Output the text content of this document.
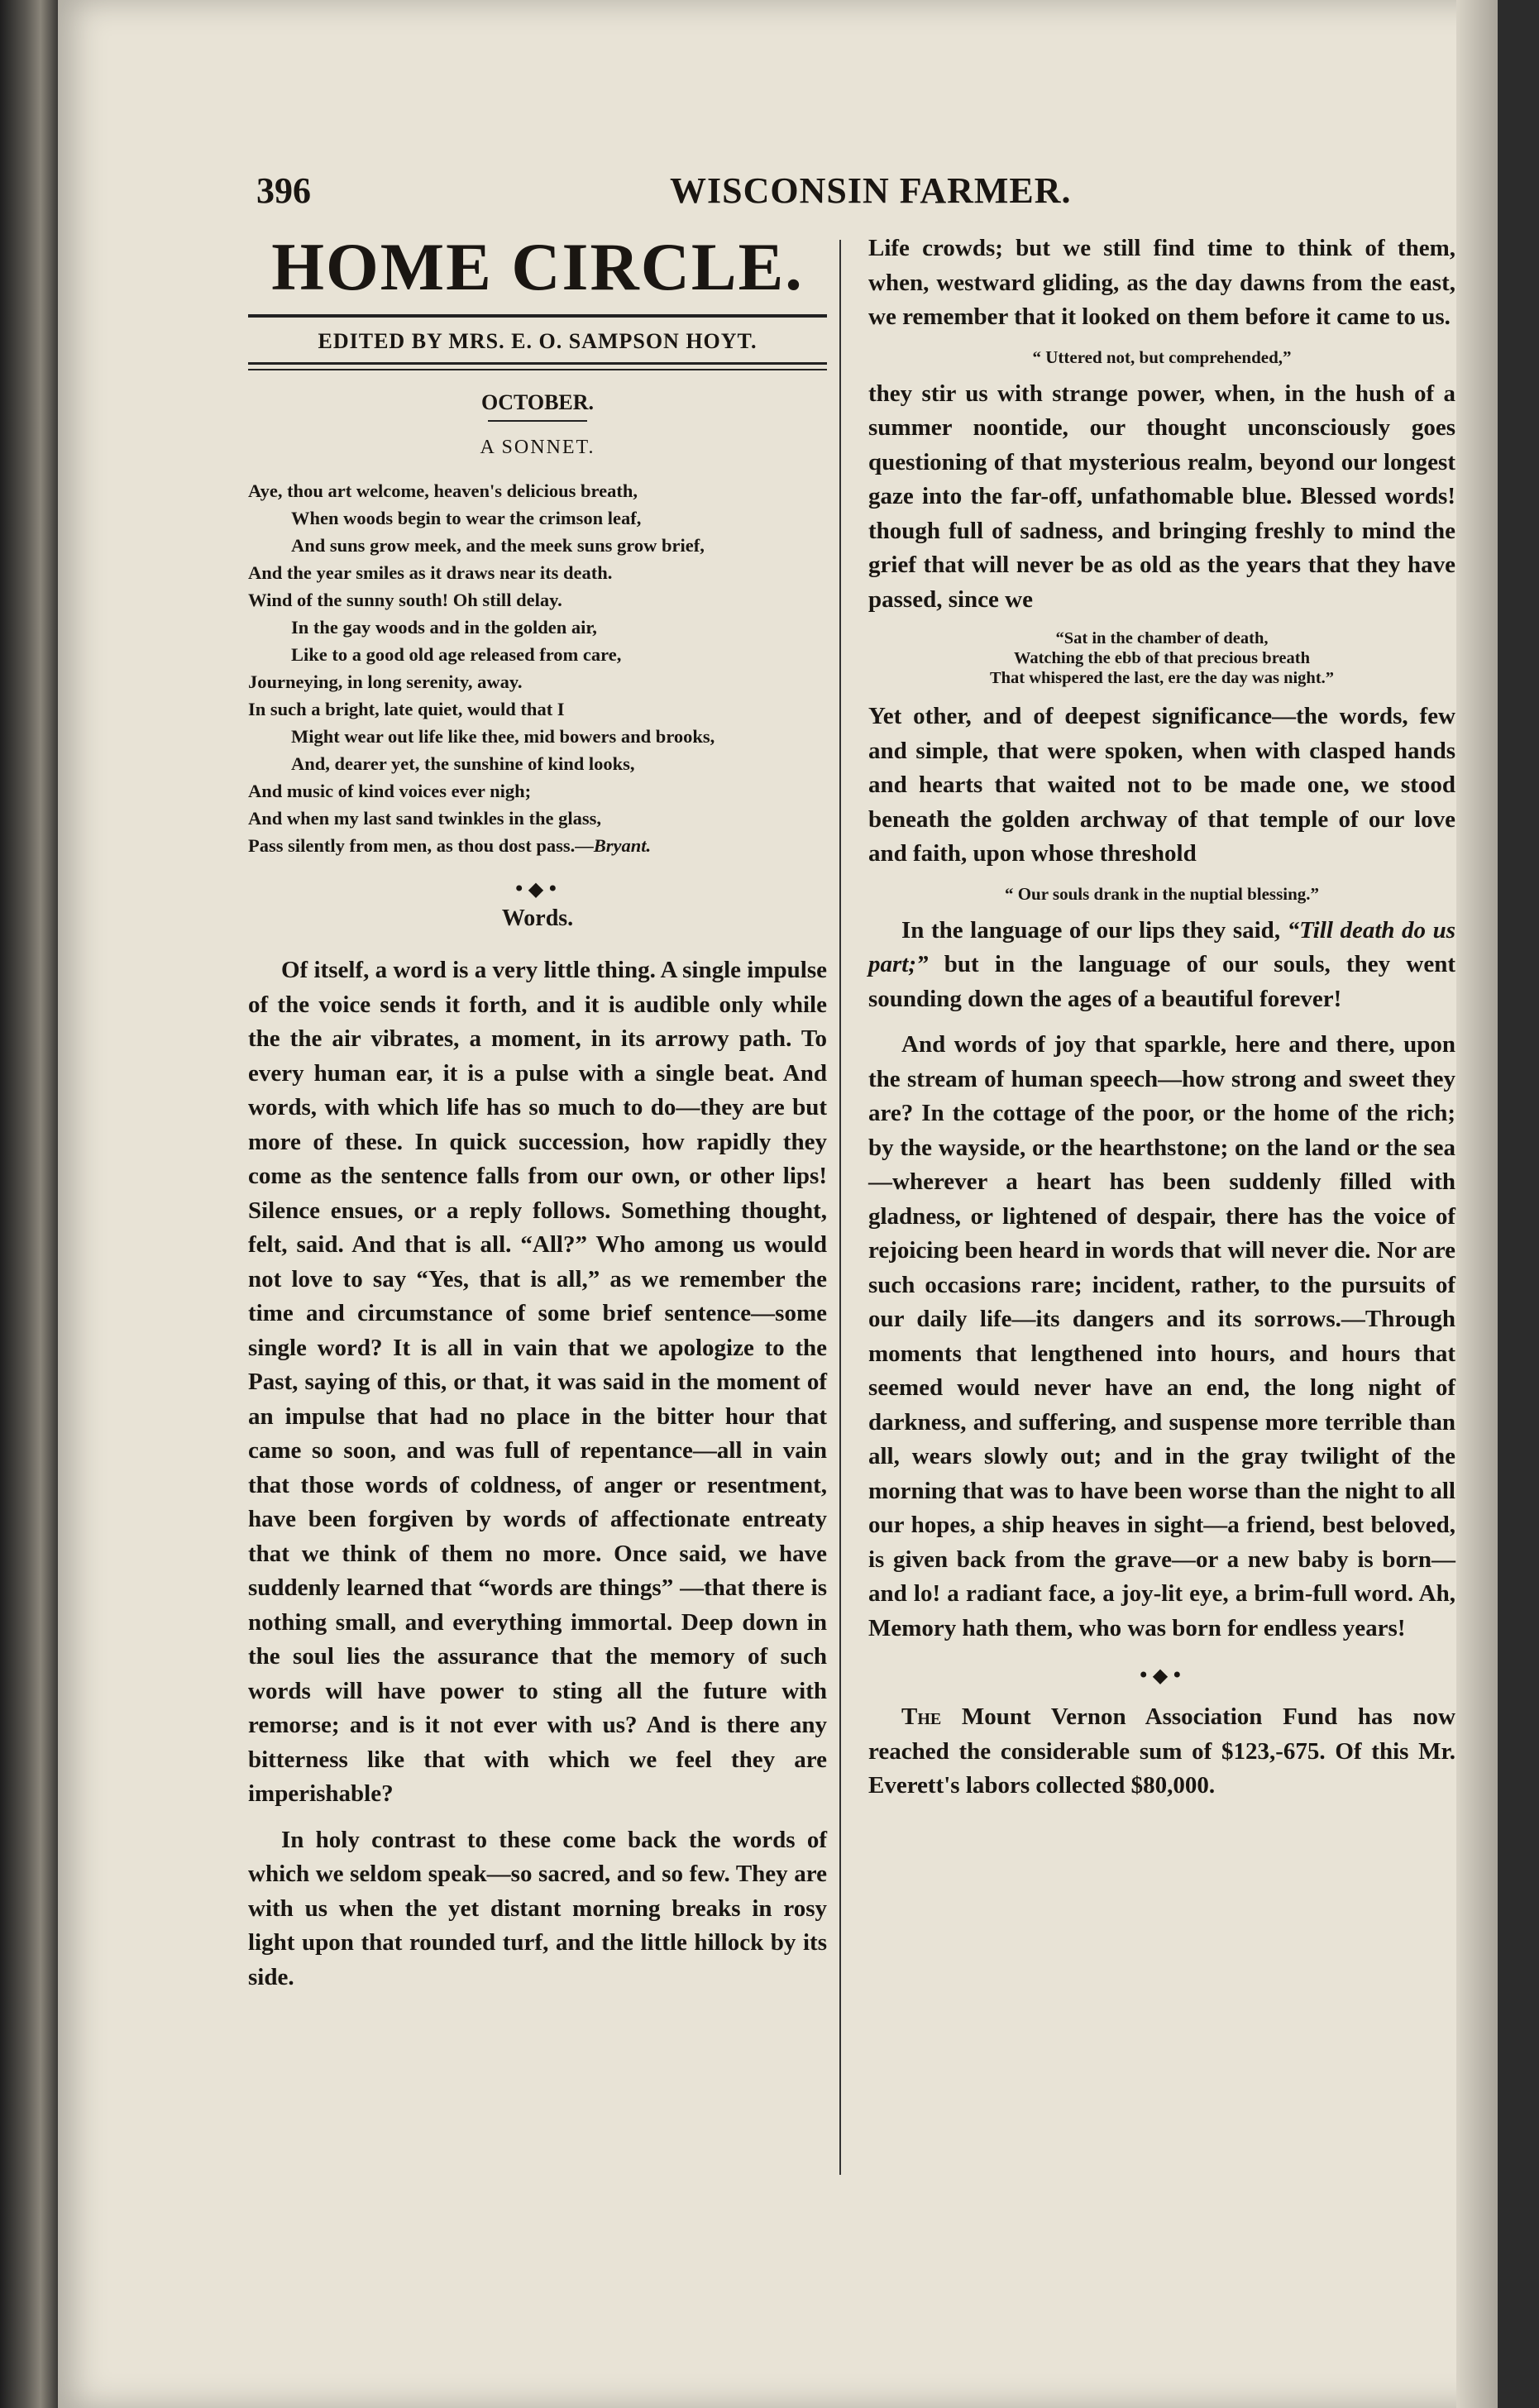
396	WISCONSIN FARMER.
HOME CIRCLE.
EDITED BY MRS. E. O. SAMPSON HOYT.
OCTOBER.
A SONNET.
Aye, thou art welcome, heaven's delicious breath,
When woods begin to wear the crimson leaf,
And suns grow meek, and the meek suns grow brief,
And the year smiles as it draws near its death.
Wind of the sunny south! Oh still delay.
In the gay woods and in the golden air,
Like to a good old age released from care,
Journeying, in long serenity, away.
In such a bright, late quiet, would that I
Might wear out life like thee, mid bowers and brooks,
And, dearer yet, the sunshine of kind looks,
And music of kind voices ever nigh;
And when my last sand twinkles in the glass,
Pass silently from men, as thou dost pass.—Bryant.
•◆•
Words.

Of itself, a word is a very little thing. A single impulse of the voice sends it forth, and it is audible only while the the air vibrates, a moment, in its arrowy path. To every human ear, it is a pulse with a single beat. And words, with which life has so much to do—they are but more of these. In quick succession, how rapidly they come as the sentence falls from our own, or other lips! Silence ensues, or a reply follows. Something thought, felt, said. And that is all. “All?” Who among us would not love to say “Yes, that is all,” as we remember the time and circumstance of some brief sentence—some single word? It is all in vain that we apologize to the Past, saying of this, or that, it was said in the moment of an impulse that had no place in the bitter hour that came so soon, and was full of repentance—all in vain that those words of coldness, of anger or resentment, have been forgiven by words of affectionate entreaty that we think of them no more. Once said, we have suddenly learned that “words are things” —that there is nothing small, and everything immortal. Deep down in the soul lies the assurance that the memory of such words will have power to sting all the future with remorse; and is it not ever with us? And is there any bitterness like that with which we feel they are imperishable?

In holy contrast to these come back the words of which we seldom speak—so sacred, and so few. They are with us when the yet distant morning breaks in rosy light upon that rounded turf, and the little hillock by its side.

Life crowds; but we still find time to think of them, when, westward gliding, as the day dawns from the east, we remember that it looked on them before it came to us.

“ Uttered not, but comprehended,”

they stir us with strange power, when, in the hush of a summer noontide, our thought unconsciously goes questioning of that mysterious realm, beyond our longest gaze into the far-off, unfathomable blue. Blessed words! though full of sadness, and bringing freshly to mind the grief that will never be as old as the years that they have passed, since we

“Sat in the chamber of death,
Watching the ebb of that precious breath
That whispered the last, ere the day was night.”

Yet other, and of deepest significance—the words, few and simple, that were spoken, when with clasped hands and hearts that waited not to be made one, we stood beneath the golden archway of that temple of our love and faith, upon whose threshold

“ Our souls drank in the nuptial blessing.”

In the language of our lips they said, “Till death do us part;” but in the language of our souls, they went sounding down the ages of a beautiful forever!

And words of joy that sparkle, here and there, upon the stream of human speech—how strong and sweet they are? In the cottage of the poor, or the home of the rich; by the wayside, or the hearthstone; on the land or the sea—wherever a heart has been suddenly filled with gladness, or lightened of despair, there has the voice of rejoicing been heard in words that will never die. Nor are such occasions rare; incident, rather, to the pursuits of our daily life—its dangers and its sorrows.—Through moments that lengthened into hours, and hours that seemed would never have an end, the long night of darkness, and suffering, and suspense more terrible than all, wears slowly out; and in the gray twilight of the morning that was to have been worse than the night to all our hopes, a ship heaves in sight—a friend, best beloved, is given back from the grave—or a new baby is born—and lo! a radiant face, a joy-lit eye, a brim-full word. Ah, Memory hath them, who was born for endless years!

•◆•
The Mount Vernon Association Fund has now reached the considerable sum of $123,-675. Of this Mr. Everett's labors collected $80,000.
